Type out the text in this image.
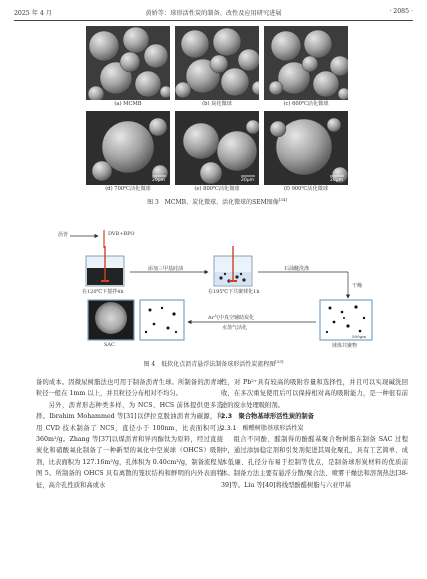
2025 年 4 月	黄娇等：球形活性炭的制备、改性及应用研究进展	· 2085 ·
(a) MCMB	(b) 炭化微球	(c) 600℃活化微球
20μm
(d) 700℃活化微球
20μm
(e) 800℃活化微球
20μm
(f) 900℃活化微球
图 3　MCMB、炭化微球、活化微球的SEM图像[34]
沥青	DVB+BPO
添加三甲基硅油
在120℃下搅拌4h	在195℃下共聚球化1h
石油醚洗涤
干燥
Ar气中真空辅助炭化
水蒸气活化
球体共聚物
SAC
500μm
图 4　低软化点沥青悬浮法制备球形活性炭流程图[35]

备的成本。因微尿树脂法也可用于制备沥青生球。所制备的沥青球粒径一般在 1mm 以上，并且粒径分布相对不均匀。

另外，沥青形态种类多样，为 NCS、HCS 前体提供更多选择。Ibrahim Mohammed 等[31]以伊拉克脱油沥青为碳源，利用 CVD 技术制备了 NCS，直径小于 100nm，比表面积可达 360m²/g。Zhang 等[37]以煤沥青和异丙醇钛为原料，经过直接炭化和硝酸氧化制备了一种新型的氧化中空炭球（OHCS）吸附剂，比表面积为 127.16m²/g，孔体积为 0.40cm³/g，制备流程见图 5。所制备的 OHCS 具有离散的笼状结构和鲜明的内外表面特征，高介孔性质和高或水

性，对 Pb²⁺具有较高的吸附容量和选择性，并且可以实现碱洗回收，在多次重复使用后可以保持相对高的吸附能力，是一种很有前途的废水处理吸附剂。

2.3　聚合物基球形活性炭的制备
2.3.1　酚醛树脂基球形活性炭

组合不同酚、醛制得的酚醛基聚合物树脂在制备 SAC 过程中，通过添加稳定剂和引发剂促进其周化聚孔，具有工艺简单、成本低廉、孔径分布易于控制等优点，是制备球形炭材料的优质前体。制备方法主要有悬浮分散/聚合法、喷雾干燥法和溶剂热法[38-39]等。Liu 等[40]将线型酚醛树脂与六亚甲基
